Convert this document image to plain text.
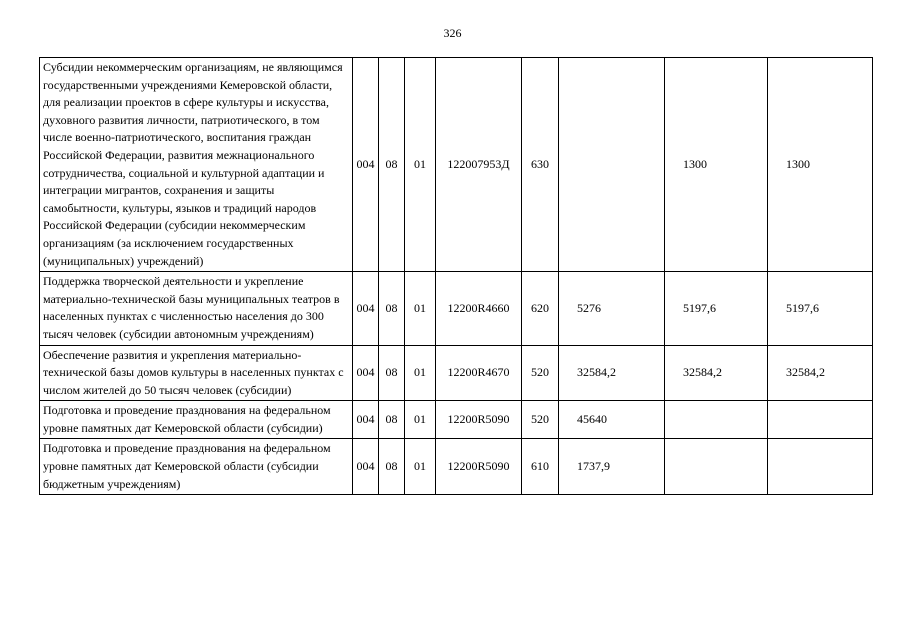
326
Субсидии некоммерческим организациям, не являющимся государственными учреждениями Кемеровской области, для реализации проектов в сфере культуры и искусства, духовного развития личности, патриотического, в том числе военно-патриотического, воспитания граждан Российской Федерации, развития межнационального сотрудничества, социальной и культурной адаптации и интеграции мигрантов, сохранения и защиты самобытности, культуры, языков и традиций народов Российской Федерации (субсидии некоммерческим организациям (за исключением государственных (муниципальных) учреждений)	004	08	01	122007953Д	630		1300	1300
Поддержка творческой деятельности и укрепление материально-технической базы муниципальных театров в населенных пунктах с численностью населения до 300 тысяч человек (субсидии автономным учреждениям)	004	08	01	12200R4660	620	5276	5197,6	5197,6
Обеспечение развития и укрепления материально-технической базы домов культуры в населенных пунктах с числом жителей до 50 тысяч человек (субсидии)	004	08	01	12200R4670	520	32584,2	32584,2	32584,2
Подготовка и проведение празднования на федеральном уровне памятных дат Кемеровской области (субсидии)	004	08	01	12200R5090	520	45640		
Подготовка и проведение празднования на федеральном уровне памятных дат Кемеровской области (субсидии бюджетным учреждениям)	004	08	01	12200R5090	610	1737,9		
